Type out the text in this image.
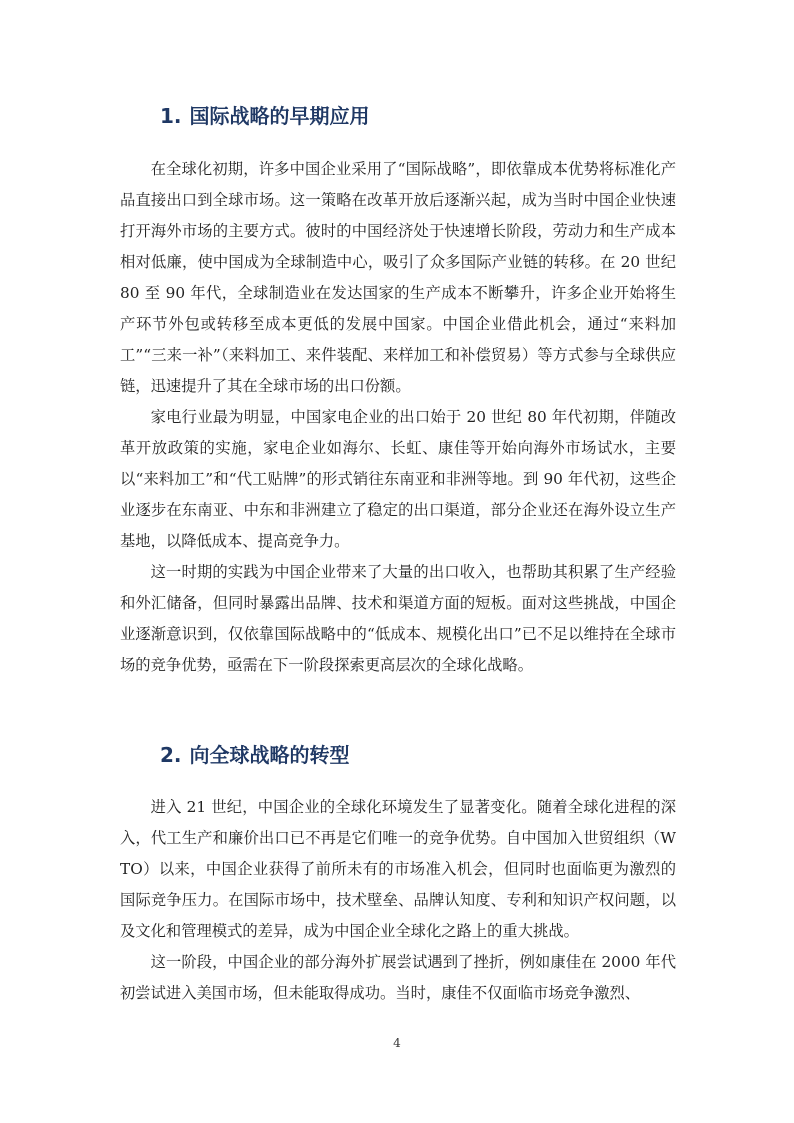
1. 国际战略的早期应用

在全球化初期，许多中国企业采用了“国际战略”，即依靠成本优势将标准化产品直接出口到全球市场。这一策略在改革开放后逐渐兴起，成为当时中国企业快速打开海外市场的主要方式。彼时的中国经济处于快速增长阶段，劳动力和生产成本相对低廉，使中国成为全球制造中心，吸引了众多国际产业链的转移。在 20 世纪 80 至 90 年代，全球制造业在发达国家的生产成本不断攀升，许多企业开始将生产环节外包或转移至成本更低的发展中国家。中国企业借此机会，通过“来料加工”“三来一补”（来料加工、来件装配、来样加工和补偿贸易）等方式参与全球供应链，迅速提升了其在全球市场的出口份额。

家电行业最为明显，中国家电企业的出口始于 20 世纪 80 年代初期，伴随改革开放政策的实施，家电企业如海尔、长虹、康佳等开始向海外市场试水，主要以“来料加工”和“代工贴牌”的形式销往东南亚和非洲等地。到 90 年代初，这些企业逐步在东南亚、中东和非洲建立了稳定的出口渠道，部分企业还在海外设立生产基地，以降低成本、提高竞争力。

这一时期的实践为中国企业带来了大量的出口收入，也帮助其积累了生产经验和外汇储备，但同时暴露出品牌、技术和渠道方面的短板。面对这些挑战，中国企业逐渐意识到，仅依靠国际战略中的“低成本、规模化出口”已不足以维持在全球市场的竞争优势，亟需在下一阶段探索更高层次的全球化战略。

2. 向全球战略的转型

进入 21 世纪，中国企业的全球化环境发生了显著变化。随着全球化进程的深入，代工生产和廉价出口已不再是它们唯一的竞争优势。自中国加入世贸组织（WTO）以来，中国企业获得了前所未有的市场准入机会，但同时也面临更为激烈的国际竞争压力。在国际市场中，技术壁垒、品牌认知度、专利和知识产权问题，以及文化和管理模式的差异，成为中国企业全球化之路上的重大挑战。

这一阶段，中国企业的部分海外扩展尝试遇到了挫折，例如康佳在 2000 年代初尝试进入美国市场，但未能取得成功。当时，康佳不仅面临市场竞争激烈、

4
